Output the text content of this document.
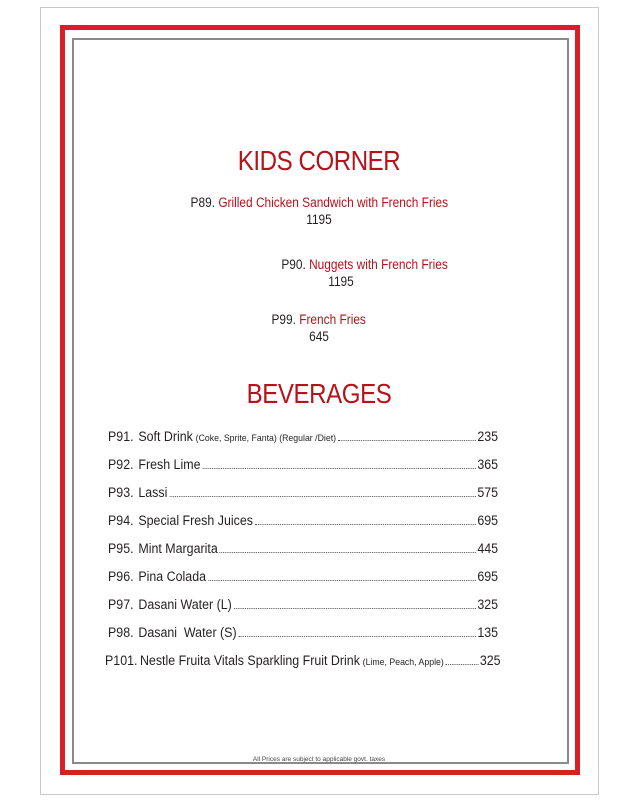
KIDS CORNER
P89. Grilled Chicken Sandwich with French Fries
1195
P90. Nuggets with French Fries
1195
P99. French Fries
645
BEVERAGES
P91. Soft Drink (Coke, Sprite, Fanta) (Regular /Diet)	235
P92. Fresh Lime	365
P93. Lassi	575
P94. Special Fresh Juices	695
P95. Mint Margarita	445
P96. Pina Colada	695
P97. Dasani Water (L)	325
P98. Dasani  Water (S)	135
P101. Nestle Fruita Vitals Sparkling Fruit Drink (Lime, Peach, Apple)	325
All Prices are subject to applicable govt. taxes
